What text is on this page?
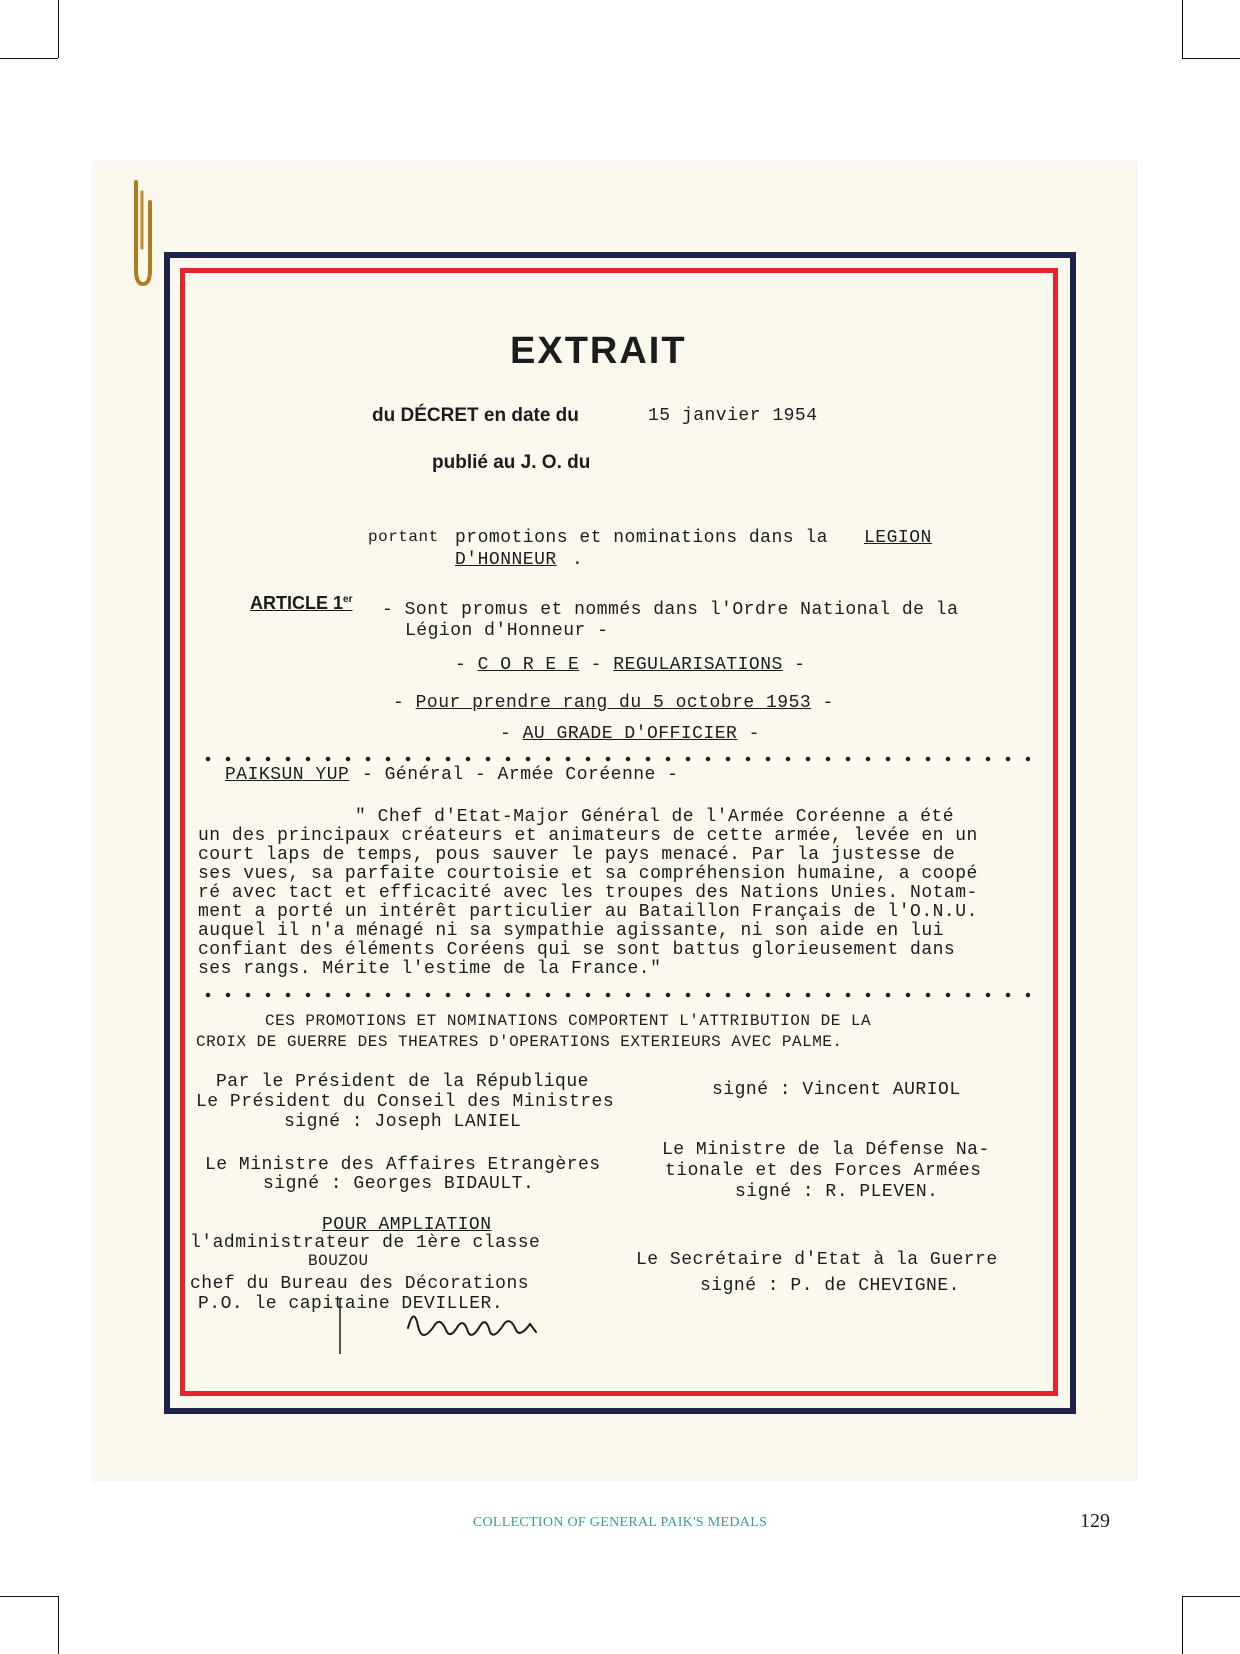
EXTRAIT
du DÉCRET en date du	15 janvier 1954
publié au J. O. du
portant promotions et nominations dans la LEGION
D'HONNEUR .
ARTICLE 1er
- Sont promus et nommés dans l'Ordre National de la
Légion d'Honneur -
- C O R E E - REGULARISATIONS -
- Pour prendre rang du 5 octobre 1953 -
- AU GRADE D'OFFICIER -
PAIKSUN YUP - Général - Armée Coréenne -
" Chef d'Etat-Major Général de l'Armée Coréenne a été
un des principaux créateurs et animateurs de cette armée, levée en un
court laps de temps, pous sauver le pays menacé. Par la justesse de
ses vues, sa parfaite courtoisie et sa compréhension humaine, a coopé
ré avec tact et efficacité avec les troupes des Nations Unies. Notam-
ment a porté un intérêt particulier au Bataillon Français de l'O.N.U.
auquel il n'a ménagé ni sa sympathie agissante, ni son aide en lui
confiant des éléments Coréens qui se sont battus glorieusement dans
ses rangs. Mérite l'estime de la France."
CES PROMOTIONS ET NOMINATIONS COMPORTENT L'ATTRIBUTION DE LA
CROIX DE GUERRE DES THEATRES D'OPERATIONS EXTERIEURS AVEC PALME.
Par le Président de la République
Le Président du Conseil des Ministres
signé : Joseph LANIEL
signé : Vincent AURIOL
Le Ministre des Affaires Etrangères
signé : Georges BIDAULT.
Le Ministre de la Défense Na-
tionale et des Forces Armées
signé : R. PLEVEN.
POUR AMPLIATION
l'administrateur de 1ère classe
BOUZOU
chef du Bureau des Décorations
P.O. le capitaine DEVILLER.
Le Secrétaire d'Etat à la Guerre
signé : P. de CHEVIGNE.
COLLECTION OF GENERAL PAIK'S MEDALS	129
